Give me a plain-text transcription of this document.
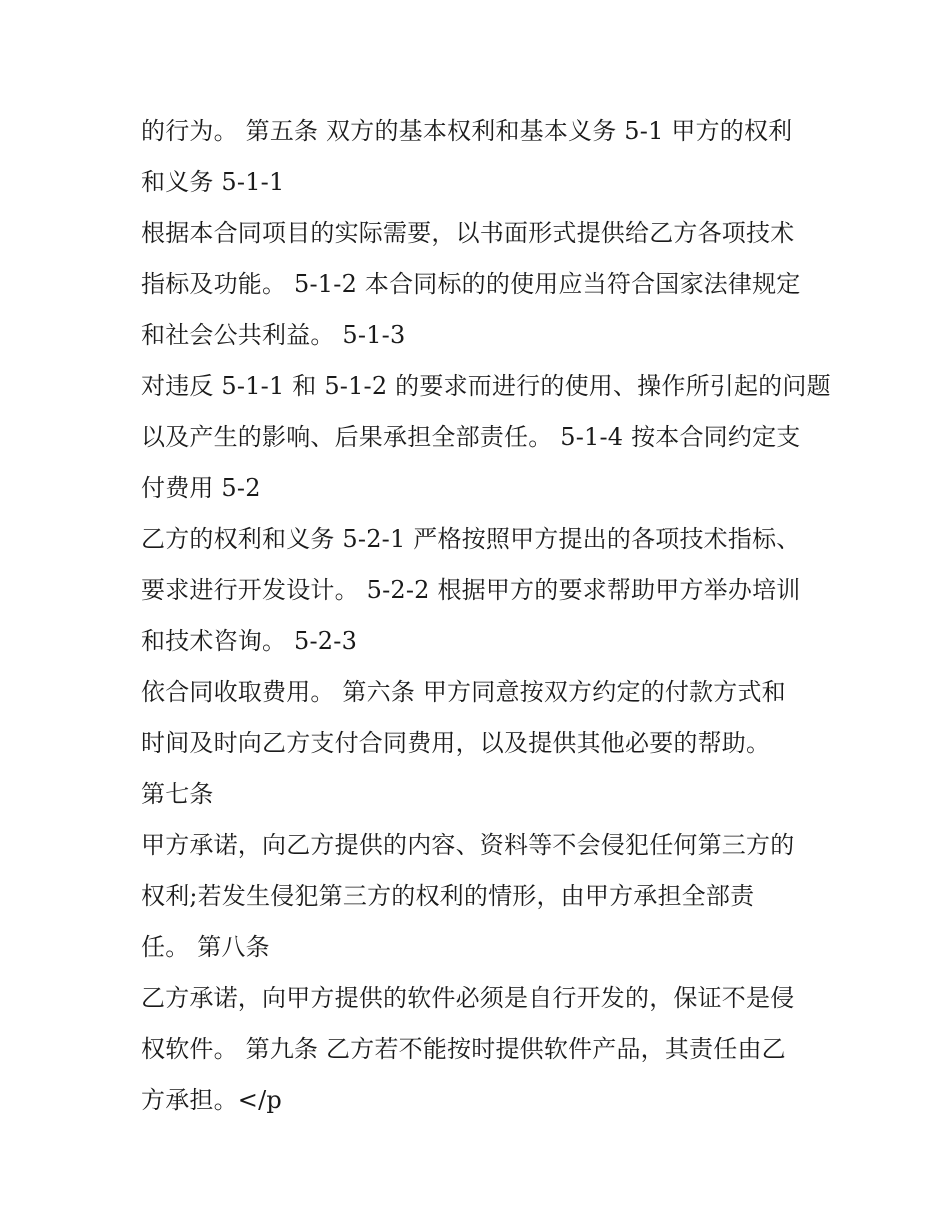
的行为。 第五条 双方的基本权利和基本义务 5-1 甲方的权利
和义务 5-1-1
根据本合同项目的实际需要，以书面形式提供给乙方各项技术
指标及功能。 5-1-2 本合同标的的使用应当符合国家法律规定
和社会公共利益。 5-1-3
对违反 5-1-1 和 5-1-2 的要求而进行的使用、操作所引起的问题
以及产生的影响、后果承担全部责任。 5-1-4 按本合同约定支
付费用 5-2
乙方的权利和义务 5-2-1 严格按照甲方提出的各项技术指标、
要求进行开发设计。 5-2-2 根据甲方的要求帮助甲方举办培训
和技术咨询。 5-2-3
依合同收取费用。 第六条 甲方同意按双方约定的付款方式和
时间及时向乙方支付合同费用，以及提供其他必要的帮助。
第七条
甲方承诺，向乙方提供的内容、资料等不会侵犯任何第三方的
权利;若发生侵犯第三方的权利的情形，由甲方承担全部责
任。 第八条
乙方承诺，向甲方提供的软件必须是自行开发的，保证不是侵
权软件。 第九条 乙方若不能按时提供软件产品，其责任由乙
方承担。</p
